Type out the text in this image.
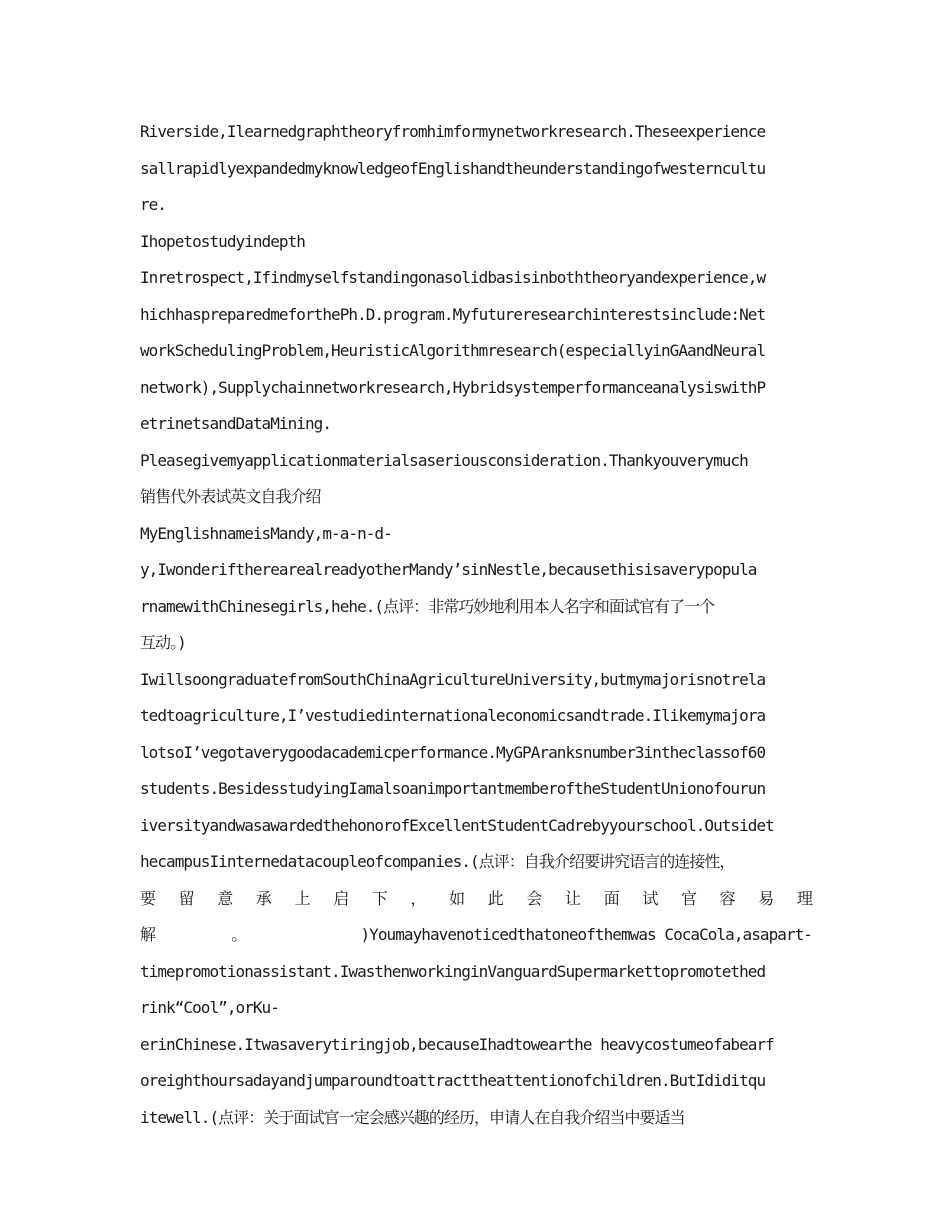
Riverside,Ilearnedgraphtheoryfromhimformynetworkresearch.Theseexperience
sallrapidlyexpandedmyknowledgeofEnglishandtheunderstandingofwesterncultu
re.
Ihopetostudyindepth
Inretrospect,Ifindmyselfstandingonasolidbasisinboththeoryandexperience,w
hichhaspreparedmeforthePh.D.program.Myfutureresearchinterestsinclude:Net
workSchedulingProblem,HeuristicAlgorithmresearch(especiallyinGAandNeural
network),Supplychainnetworkresearch,HybridsystemperformanceanalysiswithP
etrinetsandDataMining.
Pleasegivemyapplicationmaterialsaseriousconsideration.Thankyouverymuch
销售代外表试英文自我介绍
MyEnglishnameisMandy,m-a-n-d-
y,IwonderiftherearealreadyotherMandy’sinNestle,becausethisisaverypopula
rnamewithChinesegirls,hehe.(点评：非常巧妙地利用本人名字和面试官有了一个
互动。)
IwillsoongraduatefromSouthChinaAgricultureUniversity,butmymajorisnotrela
tedtoagriculture,I’vestudiedinternationaleconomicsandtrade.Ilikemymajora
lotsoI’vegotaverygoodacademicperformance.MyGPAranksnumber3intheclassof60
students.BesidesstudyingIamalsoanimportantmemberoftheStudentUnionofourun
iversityandwasawardedthehonorofExcellentStudentCadrebyyourschool.Outsidet
hecampusIinternedatacoupleofcompanies.(点评：自我介绍要讲究语言的连接性，
要 留 意 承 上 启 下 ， 如 此 会 让 面 试 官 容 易 理
解	。	)Youmayhavenoticedthatoneofthemwas CocaCola,asapart-
timepromotionassistant.IwasthenworkinginVanguardSupermarkettopromotethed
rink“Cool”,orKu-
erinChinese.Itwasaverytiringjob,becauseIhadtowearthe heavycostumeofabearf
oreighthoursadayandjumparoundtoattracttheattentionofchildren.ButIdiditqu
itewell.(点评：关于面试官一定会感兴趣的经历，申请人在自我介绍当中要适当
